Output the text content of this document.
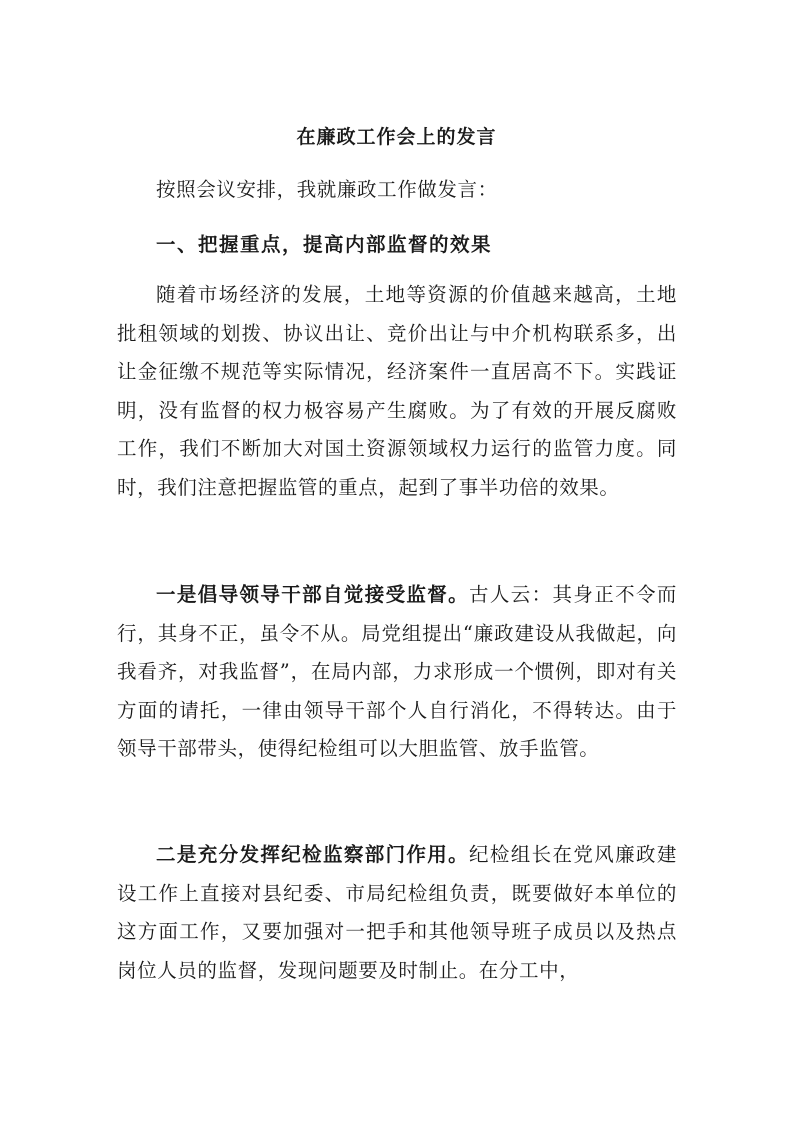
在廉政工作会上的发言

按照会议安排，我就廉政工作做发言：

一、把握重点，提高内部监督的效果

随着市场经济的发展，土地等资源的价值越来越高，土地批租领域的划拨、协议出让、竞价出让与中介机构联系多，出让金征缴不规范等实际情况，经济案件一直居高不下。实践证明，没有监督的权力极容易产生腐败。为了有效的开展反腐败工作，我们不断加大对国土资源领域权力运行的监管力度。同时，我们注意把握监管的重点，起到了事半功倍的效果。

一是倡导领导干部自觉接受监督。古人云：其身正不令而行，其身不正，虽令不从。局党组提出“廉政建设从我做起，向我看齐，对我监督”，在局内部，力求形成一个惯例，即对有关方面的请托，一律由领导干部个人自行消化，不得转达。由于领导干部带头，使得纪检组可以大胆监管、放手监管。

二是充分发挥纪检监察部门作用。纪检组长在党风廉政建设工作上直接对县纪委、市局纪检组负责，既要做好本单位的这方面工作，又要加强对一把手和其他领导班子成员以及热点岗位人员的监督，发现问题要及时制止。在分工中，
